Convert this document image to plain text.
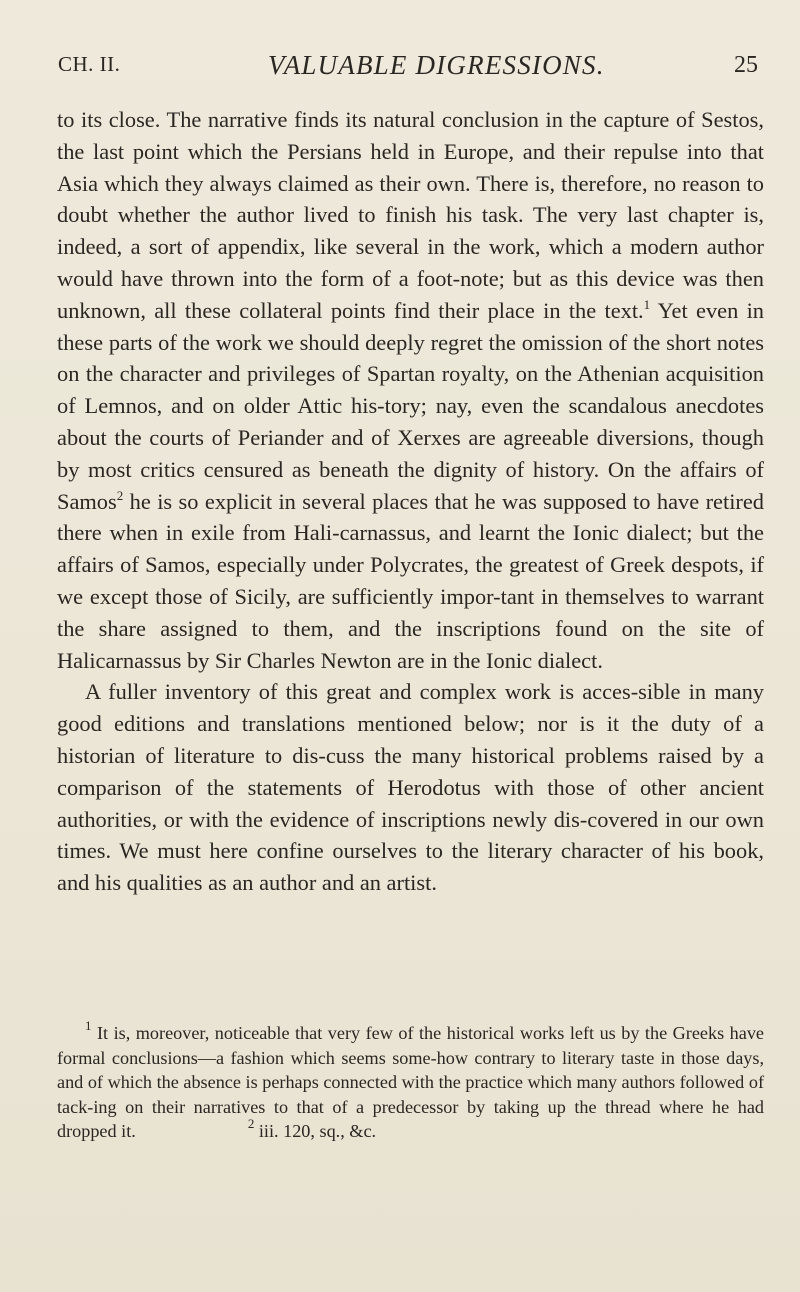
CH. II.	VALUABLE DIGRESSIONS.	25

to its close. The narrative finds its natural conclusion in the capture of Sestos, the last point which the Persians held in Europe, and their repulse into that Asia which they always claimed as their own. There is, therefore, no reason to doubt whether the author lived to finish his task. The very last chapter is, indeed, a sort of appendix, like several in the work, which a modern author would have thrown into the form of a foot-note; but as this device was then unknown, all these collateral points find their place in the text.$^1$ Yet even in these parts of the work we should deeply regret the omission of the short notes on the character and privileges of Spartan royalty, on the Athenian acquisition of Lemnos, and on older Attic his-tory; nay, even the scandalous anecdotes about the courts of Periander and of Xerxes are agreeable diversions, though by most critics censured as beneath the dignity of history. On the affairs of Samos$^2$ he is so explicit in several places that he was supposed to have retired there when in exile from Hali-carnassus, and learnt the Ionic dialect; but the affairs of Samos, especially under Polycrates, the greatest of Greek despots, if we except those of Sicily, are sufficiently impor-tant in themselves to warrant the share assigned to them, and the inscriptions found on the site of Halicarnassus by Sir Charles Newton are in the Ionic dialect.

A fuller inventory of this great and complex work is acces-sible in many good editions and translations mentioned below; nor is it the duty of a historian of literature to dis-cuss the many historical problems raised by a comparison of the statements of Herodotus with those of other ancient authorities, or with the evidence of inscriptions newly dis-covered in our own times. We must here confine ourselves to the literary character of his book, and his qualities as an author and an artist.

$^1$ It is, moreover, noticeable that very few of the historical works left us by the Greeks have formal conclusions—a fashion which seems some-how contrary to literary taste in those days, and of which the absence is perhaps connected with the practice which many authors followed of tack-ing on their narratives to that of a predecessor by taking up the thread where he had dropped it.	$^2$ iii. 120, sq., &c.
